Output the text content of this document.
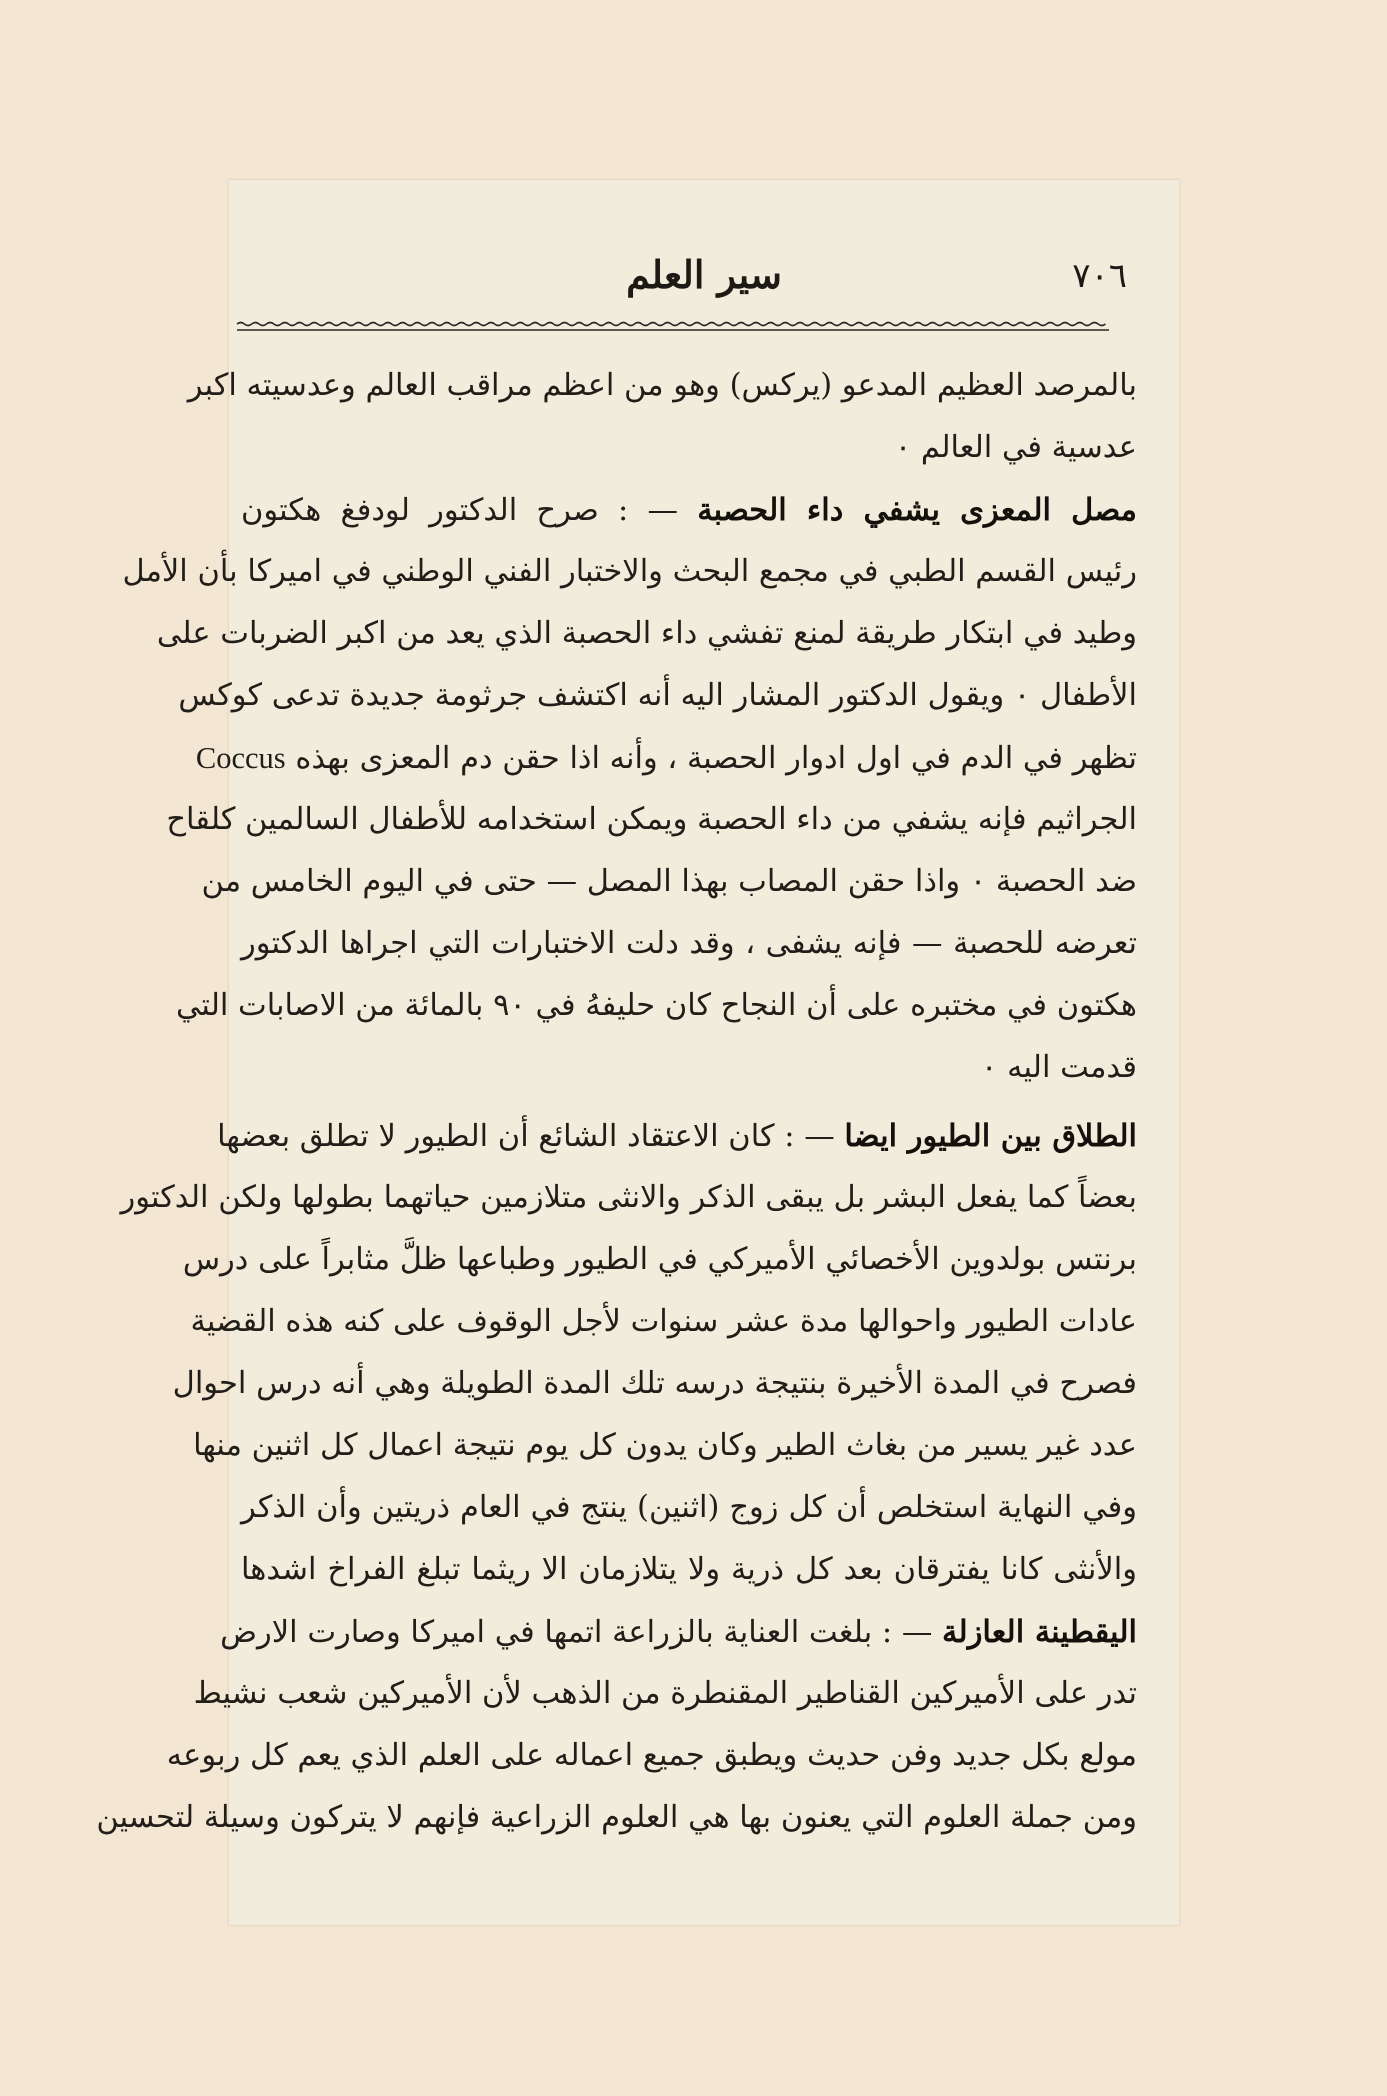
٧٠٦
سير العلم
بالمرصد العظيم المدعو (يركس) وهو من اعظم مراقب العالم وعدسيته اكبر
عدسية في العالم ٠
مصل المعزى يشفي داء الحصبة — : صرح الدكتور لودفغ هكتون
رئيس القسم الطبي في مجمع البحث والاختبار الفني الوطني في اميركا بأن الأمل
وطيد في ابتكار طريقة لمنع تفشي داء الحصبة الذي يعد من اكبر الضربات على
الأطفال ٠ ويقول الدكتور المشار اليه أنه اكتشف جرثومة جديدة تدعى كوكس
تظهر في الدم في اول ادوار الحصبة ، وأنه اذا حقن دم المعزى بهذه Coccus
الجراثيم فإنه يشفي من داء الحصبة ويمكن استخدامه للأطفال السالمين كلقاح
ضد الحصبة ٠ واذا حقن المصاب بهذا المصل — حتى في اليوم الخامس من
تعرضه للحصبة — فإنه يشفى ، وقد دلت الاختبارات التي اجراها الدكتور
هكتون في مختبره على أن النجاح كان حليفهُ في ٩٠ بالمائة من الاصابات التي
قدمت اليه ٠
الطلاق بين الطيور ايضا — : كان الاعتقاد الشائع أن الطيور لا تطلق بعضها
بعضاً كما يفعل البشر بل يبقى الذكر والانثى متلازمين حياتهما بطولها ولكن الدكتور
برنتس بولدوين الأخصائي الأميركي في الطيور وطباعها ظلَّ مثابراً على درس
عادات الطيور واحوالها مدة عشر سنوات لأجل الوقوف على كنه هذه القضية
فصرح في المدة الأخيرة بنتيجة درسه تلك المدة الطويلة وهي أنه درس احوال
عدد غير يسير من بغاث الطير وكان يدون كل يوم نتيجة اعمال كل اثنين منها
وفي النهاية استخلص أن كل زوج (اثنين) ينتج في العام ذريتين وأن الذكر
والأنثى كانا يفترقان بعد كل ذرية ولا يتلازمان الا ريثما تبلغ الفراخ اشدها
اليقطينة العازلة — : بلغت العناية بالزراعة اتمها في اميركا وصارت الارض
تدر على الأميركين القناطير المقنطرة من الذهب لأن الأميركين شعب نشيط
مولع بكل جديد وفن حديث ويطبق جميع اعماله على العلم الذي يعم كل ربوعه
ومن جملة العلوم التي يعنون بها هي العلوم الزراعية فإنهم لا يتركون وسيلة لتحسين
